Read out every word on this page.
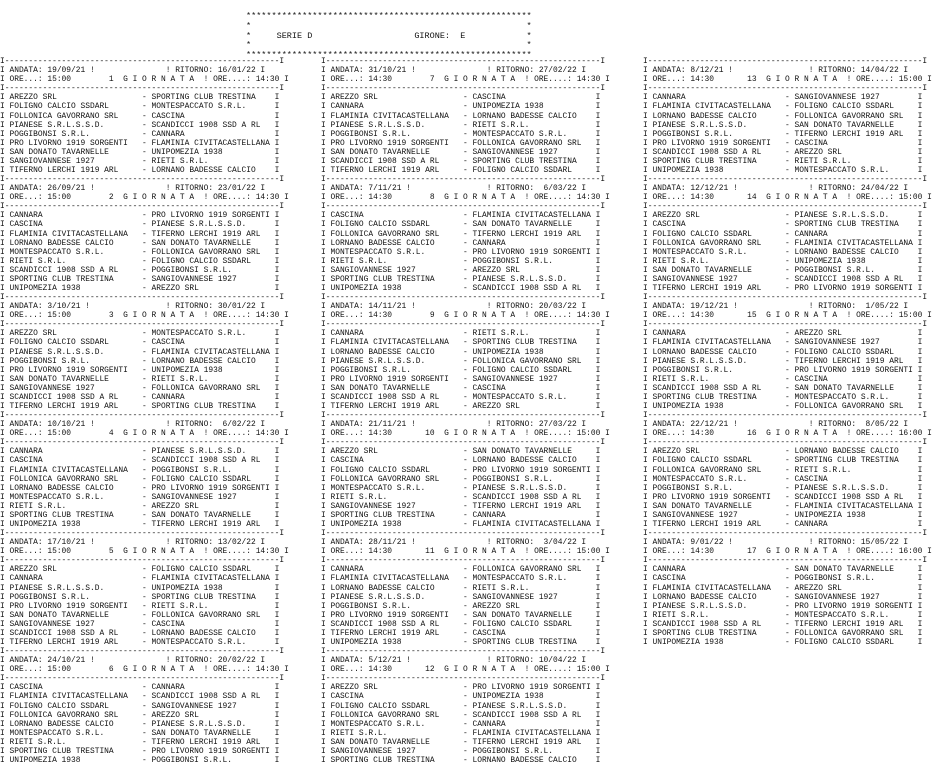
********************************************************
*                                                      *
*     SERIE D                    GIRONE:  E            *
*                                                      *
********************************************************
I----------------------------------------------------------I
I ANDATA: 19/09/21 !               ! RITORNO: 16/01/22 I
I ORE...: 15:00        1  G I O R N A T A  ! ORE....: 14:30 I
I----------------------------------------------------------I
I AREZZO SRL                  - SPORTING CLUB TRESTINA    I
I FOLIGNO CALCIO SSDARL       - MONTESPACCATO S.R.L.      I
I FOLLONICA GAVORRANO SRL     - CASCINA                   I
I PIANESE S.R.L.S.S.D.        - SCANDICCI 1908 SSD A RL   I
I POGGIBONSI S.R.L.           - CANNARA                   I
I PRO LIVORNO 1919 SORGENTI   - FLAMINIA CIVITACASTELLANA I
I SAN DONATO TAVARNELLE       - UNIPOMEZIA 1938           I
I SANGIOVANNESE 1927          - RIETI S.R.L.              I
I TIFERNO LERCHI 1919 ARL     - LORNANO BADESSE CALCIO    I

I----------------------------------------------------------I
I ANDATA: 26/09/21 !               ! RITORNO: 23/01/22 I
I ORE...: 15:00        2  G I O R N A T A  ! ORE....: 14:30 I
I----------------------------------------------------------I
I CANNARA                     - PRO LIVORNO 1919 SORGENTI I
I CASCINA                     - PIANESE S.R.L.S.S.D.      I
I FLAMINIA CIVITACASTELLANA   - TIFERNO LERCHI 1919 ARL   I
I LORNANO BADESSE CALCIO      - SAN DONATO TAVARNELLE     I
I MONTESPACCATO S.R.L.        - FOLLONICA GAVORRANO SRL   I
I RIETI S.R.L.                - FOLIGNO CALCIO SSDARL     I
I SCANDICCI 1908 SSD A RL     - POGGIBONSI S.R.L.         I
I SPORTING CLUB TRESTINA      - SANGIOVANNESE 1927        I
I UNIPOMEZIA 1938             - AREZZO SRL                I

I----------------------------------------------------------I
I ANDATA: 3/10/21 !                ! RITORNO: 30/01/22 I
I ORE...: 15:00        3  G I O R N A T A  ! ORE....: 14:30 I
I----------------------------------------------------------I
I AREZZO SRL                  - MONTESPACCATO S.R.L.      I
I FOLIGNO CALCIO SSDARL       - CASCINA                   I
I PIANESE S.R.L.S.S.D.        - FLAMINIA CIVITACASTELLANA I
I POGGIBONSI S.R.L.           - LORNANO BADESSE CALCIO    I
I PRO LIVORNO 1919 SORGENTI   - UNIPOMEZIA 1938           I
I SAN DONATO TAVARNELLE       - RIETI S.R.L.              I
I SANGIOVANNESE 1927          - FOLLONICA GAVORRANO SRL   I
I SCANDICCI 1908 SSD A RL     - CANNARA                   I
I TIFERNO LERCHI 1919 ARL     - SPORTING CLUB TRESTINA    I

I----------------------------------------------------------I
I ANDATA: 10/10/21 !               ! RITORNO:  6/02/22 I
I ORE...: 15:00        4  G I O R N A T A  ! ORE....: 14:30 I
I----------------------------------------------------------I
I CANNARA                     - PIANESE S.R.L.S.S.D.      I
I CASCINA                     - SCANDICCI 1908 SSD A RL   I
I FLAMINIA CIVITACASTELLANA   - POGGIBONSI S.R.L.         I
I FOLLONICA GAVORRANO SRL     - FOLIGNO CALCIO SSDARL     I
I LORNANO BADESSE CALCIO      - PRO LIVORNO 1919 SORGENTI I
I MONTESPACCATO S.R.L.        - SANGIOVANNESE 1927        I
I RIETI S.R.L.                - AREZZO SRL                I
I SPORTING CLUB TRESTINA      - SAN DONATO TAVARNELLE     I
I UNIPOMEZIA 1938             - TIFERNO LERCHI 1919 ARL   I

I----------------------------------------------------------I
I ANDATA: 17/10/21 !               ! RITORNO: 13/02/22 I
I ORE...: 15:00        5  G I O R N A T A  ! ORE....: 14:30 I
I----------------------------------------------------------I
I AREZZO SRL                  - FOLIGNO CALCIO SSDARL     I
I CANNARA                     - FLAMINIA CIVITACASTELLANA I
I PIANESE S.R.L.S.S.D.        - UNIPOMEZIA 1938           I
I POGGIBONSI S.R.L.           - SPORTING CLUB TRESTINA    I
I PRO LIVORNO 1919 SORGENTI   - RIETI S.R.L.              I
I SAN DONATO TAVARNELLE       - FOLLONICA GAVORRANO SRL   I
I SANGIOVANNESE 1927          - CASCINA                   I
I SCANDICCI 1908 SSD A RL     - LORNANO BADESSE CALCIO    I
I TIFERNO LERCHI 1919 ARL     - MONTESPACCATO S.R.L.      I

I----------------------------------------------------------I
I ANDATA: 24/10/21 !               ! RITORNO: 20/02/22 I
I ORE...: 15:00        6  G I O R N A T A  ! ORE....: 14:30 I
I----------------------------------------------------------I
I CASCINA                     - CANNARA                   I
I FLAMINIA CIVITACASTELLANA   - SCANDICCI 1908 SSD A RL   I
I FOLIGNO CALCIO SSDARL       - SANGIOVANNESE 1927        I
I FOLLONICA GAVORRANO SRL     - AREZZO SRL                I
I LORNANO BADESSE CALCIO      - PIANESE S.R.L.S.S.D.      I
I MONTESPACCATO S.R.L.        - SAN DONATO TAVARNELLE     I
I RIETI S.R.L.                - TIFERNO LERCHI 1919 ARL   I
I SPORTING CLUB TRESTINA      - PRO LIVORNO 1919 SORGENTI I
I UNIPOMEZIA 1938             - POGGIBONSI S.R.L.         I

I----------------------------------------------------------I
I ANDATA: 31/10/21 !               ! RITORNO: 27/02/22 I
I ORE...: 14:30        7  G I O R N A T A  ! ORE....: 14:30 I
I----------------------------------------------------------I
I AREZZO SRL                  - CASCINA                   I
I CANNARA                     - UNIPOMEZIA 1938           I
I FLAMINIA CIVITACASTELLANA   - LORNANO BADESSE CALCIO    I
I PIANESE S.R.L.S.S.D.        - RIETI S.R.L.              I
I POGGIBONSI S.R.L.           - MONTESPACCATO S.R.L.      I
I PRO LIVORNO 1919 SORGENTI   - FOLLONICA GAVORRANO SRL   I
I SAN DONATO TAVARNELLE       - SANGIOVANNESE 1927        I
I SCANDICCI 1908 SSD A RL     - SPORTING CLUB TRESTINA    I
I TIFERNO LERCHI 1919 ARL     - FOLIGNO CALCIO SSDARL     I

I----------------------------------------------------------I
I ANDATA: 7/11/21 !                ! RITORNO:  6/03/22 I
I ORE...: 14:30        8  G I O R N A T A  ! ORE....: 14:30 I
I----------------------------------------------------------I
I CASCINA                     - FLAMINIA CIVITACASTELLANA I
I FOLIGNO CALCIO SSDARL       - SAN DONATO TAVARNELLE     I
I FOLLONICA GAVORRANO SRL     - TIFERNO LERCHI 1919 ARL   I
I LORNANO BADESSE CALCIO      - CANNARA                   I
I MONTESPACCATO S.R.L.        - PRO LIVORNO 1919 SORGENTI I
I RIETI S.R.L.                - POGGIBONSI S.R.L.         I
I SANGIOVANNESE 1927          - AREZZO SRL                I
I SPORTING CLUB TRESTINA      - PIANESE S.R.L.S.S.D.      I
I UNIPOMEZIA 1938             - SCANDICCI 1908 SSD A RL   I

I----------------------------------------------------------I
I ANDATA: 14/11/21 !               ! RITORNO: 20/03/22 I
I ORE...: 14:30        9  G I O R N A T A  ! ORE....: 14:30 I
I----------------------------------------------------------I
I CANNARA                     - RIETI S.R.L.              I
I FLAMINIA CIVITACASTELLANA   - SPORTING CLUB TRESTINA    I
I LORNANO BADESSE CALCIO      - UNIPOMEZIA 1938           I
I PIANESE S.R.L.S.S.D.        - FOLLONICA GAVORRANO SRL   I
I POGGIBONSI S.R.L.           - FOLIGNO CALCIO SSDARL     I
I PRO LIVORNO 1919 SORGENTI   - SANGIOVANNESE 1927        I
I SAN DONATO TAVARNELLE       - CASCINA                   I
I SCANDICCI 1908 SSD A RL     - MONTESPACCATO S.R.L.      I
I TIFERNO LERCHI 1919 ARL     - AREZZO SRL                I

I----------------------------------------------------------I
I ANDATA: 21/11/21 !               ! RITORNO: 27/03/22 I
I ORE...: 14:30       10  G I O R N A T A  ! ORE....: 15:00 I
I----------------------------------------------------------I
I AREZZO SRL                  - SAN DONATO TAVARNELLE     I
I CASCINA                     - LORNANO BADESSE CALCIO    I
I FOLIGNO CALCIO SSDARL       - PRO LIVORNO 1919 SORGENTI I
I FOLLONICA GAVORRANO SRL     - POGGIBONSI S.R.L.         I
I MONTESPACCATO S.R.L.        - PIANESE S.R.L.S.S.D.      I
I RIETI S.R.L.                - SCANDICCI 1908 SSD A RL   I
I SANGIOVANNESE 1927          - TIFERNO LERCHI 1919 ARL   I
I SPORTING CLUB TRESTINA      - CANNARA                   I
I UNIPOMEZIA 1938             - FLAMINIA CIVITACASTELLANA I

I----------------------------------------------------------I
I ANDATA: 28/11/21 !               ! RITORNO:  3/04/22 I
I ORE...: 14:30       11  G I O R N A T A  ! ORE....: 15:00 I
I----------------------------------------------------------I
I CANNARA                     - FOLLONICA GAVORRANO SRL   I
I FLAMINIA CIVITACASTELLANA   - MONTESPACCATO S.R.L.      I
I LORNANO BADESSE CALCIO      - RIETI S.R.L.              I
I PIANESE S.R.L.S.S.D.        - SANGIOVANNESE 1927        I
I POGGIBONSI S.R.L.           - AREZZO SRL                I
I PRO LIVORNO 1919 SORGENTI   - SAN DONATO TAVARNELLE     I
I SCANDICCI 1908 SSD A RL     - FOLIGNO CALCIO SSDARL     I
I TIFERNO LERCHI 1919 ARL     - CASCINA                   I
I UNIPOMEZIA 1938             - SPORTING CLUB TRESTINA    I

I----------------------------------------------------------I
I ANDATA: 5/12/21 !                ! RITORNO: 10/04/22 I
I ORE...: 14:30       12  G I O R N A T A  ! ORE....: 15:00 I
I----------------------------------------------------------I
I AREZZO SRL                  - PRO LIVORNO 1919 SORGENTI I
I CASCINA                     - UNIPOMEZIA 1938           I
I FOLIGNO CALCIO SSDARL       - PIANESE S.R.L.S.S.D.      I
I FOLLONICA GAVORRANO SRL     - SCANDICCI 1908 SSD A RL   I
I MONTESPACCATO S.R.L.        - CANNARA                   I
I RIETI S.R.L.                - FLAMINIA CIVITACASTELLANA I
I SAN DONATO TAVARNELLE       - TIFERNO LERCHI 1919 ARL   I
I SANGIOVANNESE 1927          - POGGIBONSI S.R.L.         I
I SPORTING CLUB TRESTINA      - LORNANO BADESSE CALCIO    I

I----------------------------------------------------------I
I ANDATA: 8/12/21 !                ! RITORNO: 14/04/22 I
I ORE...: 14:30       13  G I O R N A T A  ! ORE....: 15:00 I
I----------------------------------------------------------I
I CANNARA                     - SANGIOVANNESE 1927        I
I FLAMINIA CIVITACASTELLANA   - FOLIGNO CALCIO SSDARL     I
I LORNANO BADESSE CALCIO      - FOLLONICA GAVORRANO SRL   I
I PIANESE S.R.L.S.S.D.        - SAN DONATO TAVARNELLE     I
I POGGIBONSI S.R.L.           - TIFERNO LERCHI 1919 ARL   I
I PRO LIVORNO 1919 SORGENTI   - CASCINA                   I
I SCANDICCI 1908 SSD A RL     - AREZZO SRL                I
I SPORTING CLUB TRESTINA      - RIETI S.R.L.              I
I UNIPOMEZIA 1938             - MONTESPACCATO S.R.L.      I

I----------------------------------------------------------I
I ANDATA: 12/12/21 !               ! RITORNO: 24/04/22 I
I ORE...: 14:30       14  G I O R N A T A  ! ORE....: 15:00 I
I----------------------------------------------------------I
I AREZZO SRL                  - PIANESE S.R.L.S.S.D.      I
I CASCINA                     - SPORTING CLUB TRESTINA    I
I FOLIGNO CALCIO SSDARL       - CANNARA                   I
I FOLLONICA GAVORRANO SRL     - FLAMINIA CIVITACASTELLANA I
I MONTESPACCATO S.R.L.        - LORNANO BADESSE CALCIO    I
I RIETI S.R.L.                - UNIPOMEZIA 1938           I
I SAN DONATO TAVARNELLE       - POGGIBONSI S.R.L.         I
I SANGIOVANNESE 1927          - SCANDICCI 1908 SSD A RL   I
I TIFERNO LERCHI 1919 ARL     - PRO LIVORNO 1919 SORGENTI I

I----------------------------------------------------------I
I ANDATA: 19/12/21 !               ! RITORNO:  1/05/22 I
I ORE...: 14:30       15  G I O R N A T A  ! ORE....: 15:00 I
I----------------------------------------------------------I
I CANNARA                     - AREZZO SRL                I
I FLAMINIA CIVITACASTELLANA   - SANGIOVANNESE 1927        I
I LORNANO BADESSE CALCIO      - FOLIGNO CALCIO SSDARL     I
I PIANESE S.R.L.S.S.D.        - TIFERNO LERCHI 1919 ARL   I
I POGGIBONSI S.R.L.           - PRO LIVORNO 1919 SORGENTI I
I RIETI S.R.L.                - CASCINA                   I
I SCANDICCI 1908 SSD A RL     - SAN DONATO TAVARNELLE     I
I SPORTING CLUB TRESTINA      - MONTESPACCATO S.R.L.      I
I UNIPOMEZIA 1938             - FOLLONICA GAVORRANO SRL   I

I----------------------------------------------------------I
I ANDATA: 22/12/21 !               ! RITORNO:  8/05/22 I
I ORE...: 14:30       16  G I O R N A T A  ! ORE....: 16:00 I
I----------------------------------------------------------I
I AREZZO SRL                  - LORNANO BADESSE CALCIO    I
I FOLIGNO CALCIO SSDARL       - SPORTING CLUB TRESTINA    I
I FOLLONICA GAVORRANO SRL     - RIETI S.R.L.              I
I MONTESPACCATO S.R.L.        - CASCINA                   I
I POGGIBONSI S.R.L.           - PIANESE S.R.L.S.S.D.      I
I PRO LIVORNO 1919 SORGENTI   - SCANDICCI 1908 SSD A RL   I
I SAN DONATO TAVARNELLE       - FLAMINIA CIVITACASTELLANA I
I SANGIOVANNESE 1927          - UNIPOMEZIA 1938           I
I TIFERNO LERCHI 1919 ARL     - CANNARA                   I

I----------------------------------------------------------I
I ANDATA: 9/01/22 !                ! RITORNO: 15/05/22 I
I ORE...: 14:30       17  G I O R N A T A  ! ORE....: 16:00 I
I----------------------------------------------------------I
I CANNARA                     - SAN DONATO TAVARNELLE     I
I CASCINA                     - POGGIBONSI S.R.L.         I
I FLAMINIA CIVITACASTELLANA   - AREZZO SRL                I
I LORNANO BADESSE CALCIO      - SANGIOVANNESE 1927        I
I PIANESE S.R.L.S.S.D.        - PRO LIVORNO 1919 SORGENTI I
I RIETI S.R.L.                - MONTESPACCATO S.R.L.      I
I SCANDICCI 1908 SSD A RL     - TIFERNO LERCHI 1919 ARL   I
I SPORTING CLUB TRESTINA      - FOLLONICA GAVORRANO SRL   I
I UNIPOMEZIA 1938             - FOLIGNO CALCIO SSDARL     I
